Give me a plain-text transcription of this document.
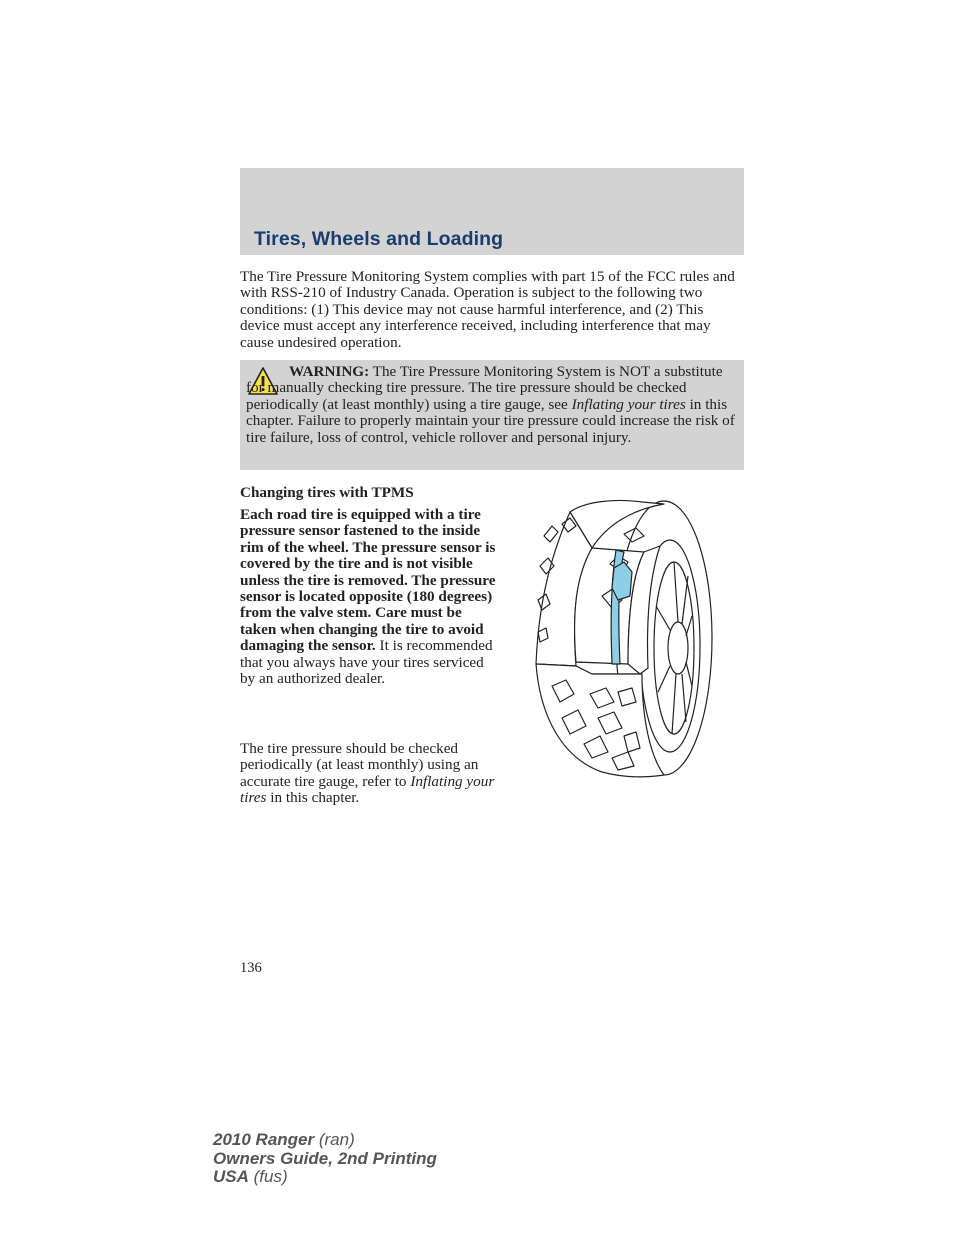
Tires, Wheels and Loading
The Tire Pressure Monitoring System complies with part 15 of the FCC rules and with RSS-210 of Industry Canada. Operation is subject to the following two conditions: (1) This device may not cause harmful interference, and (2) This device must accept any interference received, including interference that may cause undesired operation.
WARNING: The Tire Pressure Monitoring System is NOT a substitute for manually checking tire pressure. The tire pressure should be checked periodically (at least monthly) using a tire gauge, see Inflating your tires in this chapter. Failure to properly maintain your tire pressure could increase the risk of tire failure, loss of control, vehicle rollover and personal injury.
Changing tires with TPMS
Each road tire is equipped with a tire pressure sensor fastened to the inside rim of the wheel. The pressure sensor is covered by the tire and is not visible unless the tire is removed. The pressure sensor is located opposite (180 degrees) from the valve stem. Care must be taken when changing the tire to avoid damaging the sensor. It is recommended that you always have your tires serviced by an authorized dealer.
The tire pressure should be checked periodically (at least monthly) using an accurate tire gauge, refer to Inflating your tires in this chapter.
136
2010 Ranger (ran)
Owners Guide, 2nd Printing
USA (fus)
